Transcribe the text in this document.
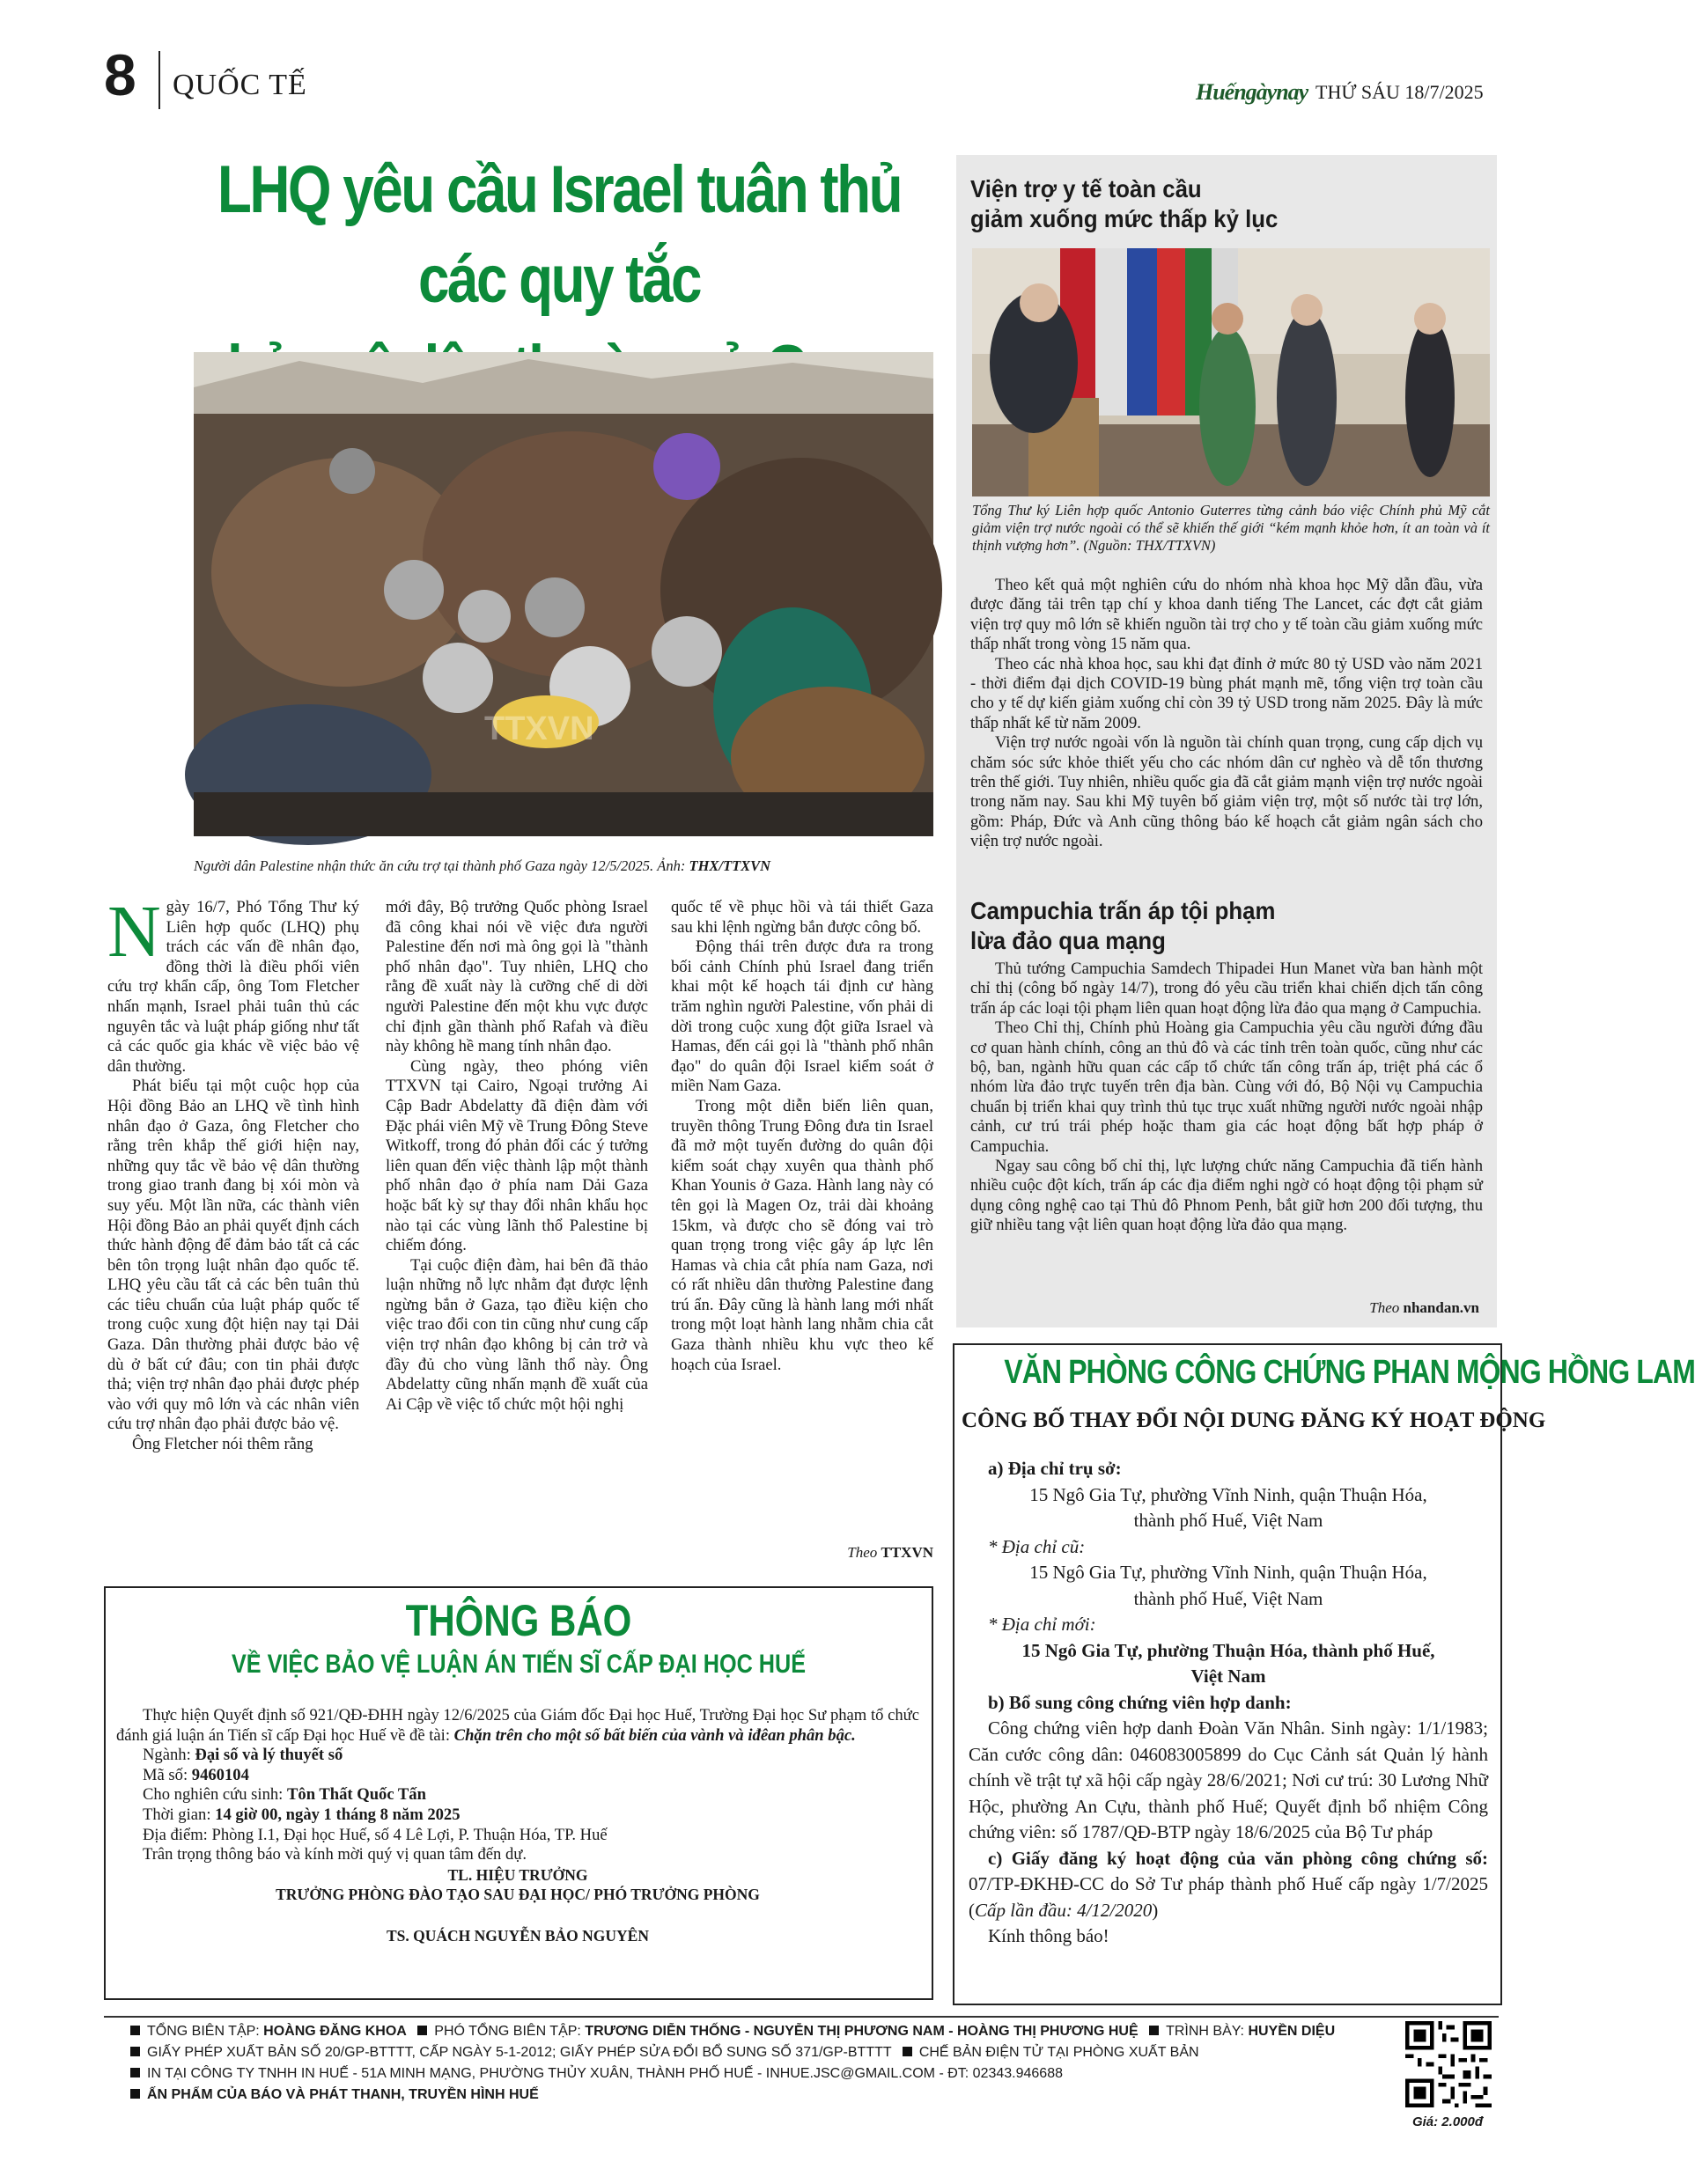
8 QUỐC TẾ	Huếngàynay THỨ SÁU 18/7/2025
LHQ yêu cầu Israel tuân thủ các quy tắc
TTXVN
Người dân Palestine nhận thức ăn cứu trợ tại thành phố Gaza ngày 12/5/2025. Ảnh: THX/TTXVN

Ngày 16/7, Phó Tổng Thư ký Liên hợp quốc (LHQ) phụ trách các vấn đề nhân đạo, đồng thời là điều phối viên cứu trợ khẩn cấp, ông Tom Fletcher nhấn mạnh, Israel phải tuân thủ các nguyên tắc và luật pháp giống như tất cả các quốc gia khác về việc bảo vệ dân thường.

Phát biểu tại một cuộc họp của Hội đồng Bảo an LHQ về tình hình nhân đạo ở Gaza, ông Fletcher cho rằng trên khắp thế giới hiện nay, những quy tắc về bảo vệ dân thường trong giao tranh đang bị xói mòn và suy yếu. Một lần nữa, các thành viên Hội đồng Bảo an phải quyết định cách thức hành động để đảm bảo tất cả các bên tôn trọng luật nhân đạo quốc tế. LHQ yêu cầu tất cả các bên tuân thủ các tiêu chuẩn của luật pháp quốc tế trong cuộc xung đột hiện nay tại Dải Gaza. Dân thường phải được bảo vệ dù ở bất cứ đâu; con tin phải được thả; viện trợ nhân đạo phải được phép vào với quy mô lớn và các nhân viên cứu trợ nhân đạo phải được bảo vệ.

Ông Fletcher nói thêm rằng

mới đây, Bộ trưởng Quốc phòng Israel đã công khai nói về việc đưa người Palestine đến nơi mà ông gọi là "thành phố nhân đạo". Tuy nhiên, LHQ cho rằng đề xuất này là cưỡng chế di dời người Palestine đến một khu vực được chỉ định gần thành phố Rafah và điều này không hề mang tính nhân đạo.

Cùng ngày, theo phóng viên TTXVN tại Cairo, Ngoại trưởng Ai Cập Badr Abdelatty đã điện đàm với Đặc phái viên Mỹ về Trung Đông Steve Witkoff, trong đó phản đối các ý tưởng liên quan đến việc thành lập một thành phố nhân đạo ở phía nam Dải Gaza hoặc bất kỳ sự thay đổi nhân khẩu học nào tại các vùng lãnh thổ Palestine bị chiếm đóng.

Tại cuộc điện đàm, hai bên đã thảo luận những nỗ lực nhằm đạt được lệnh ngừng bắn ở Gaza, tạo điều kiện cho việc trao đổi con tin cũng như cung cấp viện trợ nhân đạo không bị cản trở và đầy đủ cho vùng lãnh thổ này. Ông Abdelatty cũng nhấn mạnh đề xuất của Ai Cập về việc tổ chức một hội nghị

quốc tế về phục hồi và tái thiết Gaza sau khi lệnh ngừng bắn được công bố.

Động thái trên được đưa ra trong bối cảnh Chính phủ Israel đang triển khai một kế hoạch tái định cư hàng trăm nghìn người Palestine, vốn phải di dời trong cuộc xung đột giữa Israel và Hamas, đến cái gọi là "thành phố nhân đạo" do quân đội Israel kiểm soát ở miền Nam Gaza.

Trong một diễn biến liên quan, truyền thông Trung Đông đưa tin Israel đã mở một tuyến đường do quân đội kiểm soát chạy xuyên qua thành phố Khan Younis ở Gaza. Hành lang này có tên gọi là Magen Oz, trải dài khoảng 15km, và được cho sẽ đóng vai trò quan trọng trong việc gây áp lực lên Hamas và chia cắt phía nam Gaza, nơi có rất nhiều dân thường Palestine đang trú ẩn. Đây cũng là hành lang mới nhất trong một loạt hành lang nhằm chia cắt Gaza thành nhiều khu vực theo kế hoạch của Israel.

Theo TTXVN
Viện trợ y tế toàn cầu
giảm xuống mức thấp kỷ lục
Tổng Thư ký Liên hợp quốc Antonio Guterres từng cảnh báo việc Chính phủ Mỹ cắt giảm viện trợ nước ngoài có thể sẽ khiến thế giới “kém mạnh khỏe hơn, ít an toàn và ít thịnh vượng hơn”. (Nguồn: THX/TTXVN)

Theo kết quả một nghiên cứu do nhóm nhà khoa học Mỹ dẫn đầu, vừa được đăng tải trên tạp chí y khoa danh tiếng The Lancet, các đợt cắt giảm viện trợ quy mô lớn sẽ khiến nguồn tài trợ cho y tế toàn cầu giảm xuống mức thấp nhất trong vòng 15 năm qua.

Theo các nhà khoa học, sau khi đạt đỉnh ở mức 80 tỷ USD vào năm 2021 - thời điểm đại dịch COVID-19 bùng phát mạnh mẽ, tổng viện trợ toàn cầu cho y tế dự kiến giảm xuống chỉ còn 39 tỷ USD trong năm 2025. Đây là mức thấp nhất kể từ năm 2009.

Viện trợ nước ngoài vốn là nguồn tài chính quan trọng, cung cấp dịch vụ chăm sóc sức khỏe thiết yếu cho các nhóm dân cư nghèo và dễ tổn thương trên thế giới. Tuy nhiên, nhiều quốc gia đã cắt giảm mạnh viện trợ nước ngoài trong năm nay. Sau khi Mỹ tuyên bố giảm viện trợ, một số nước tài trợ lớn, gồm: Pháp, Đức và Anh cũng thông báo kế hoạch cắt giảm ngân sách cho viện trợ nước ngoài.

Campuchia trấn áp tội phạm
lừa đảo qua mạng

Thủ tướng Campuchia Samdech Thipadei Hun Manet vừa ban hành một chỉ thị (công bố ngày 14/7), trong đó yêu cầu triển khai chiến dịch tấn công trấn áp các loại tội phạm liên quan hoạt động lừa đảo qua mạng ở Campuchia.

Theo Chỉ thị, Chính phủ Hoàng gia Campuchia yêu cầu người đứng đầu cơ quan hành chính, công an thủ đô và các tỉnh trên toàn quốc, cũng như các bộ, ban, ngành hữu quan các cấp tổ chức tấn công trấn áp, triệt phá các ổ nhóm lừa đảo trực tuyến trên địa bàn. Cùng với đó, Bộ Nội vụ Campuchia chuẩn bị triển khai quy trình thủ tục trục xuất những người nước ngoài nhập cảnh, cư trú trái phép hoặc tham gia các hoạt động bất hợp pháp ở Campuchia.

Ngay sau công bố chỉ thị, lực lượng chức năng Campuchia đã tiến hành nhiều cuộc đột kích, trấn áp các địa điểm nghi ngờ có hoạt động tội phạm sử dụng công nghệ cao tại Thủ đô Phnom Penh, bắt giữ hơn 200 đối tượng, thu giữ nhiều tang vật liên quan hoạt động lừa đảo qua mạng.

Theo nhandan.vn
VĂN PHÒNG CÔNG CHỨNG PHAN MỘNG HỒNG LAM
CÔNG BỐ THAY ĐỔI NỘI DUNG ĐĂNG KÝ HOẠT ĐỘNG
a) Địa chỉ trụ sở:
15 Ngô Gia Tự, phường Vĩnh Ninh, quận Thuận Hóa,
thành phố Huế, Việt Nam
* Địa chỉ cũ:
15 Ngô Gia Tự, phường Vĩnh Ninh, quận Thuận Hóa,
thành phố Huế, Việt Nam
* Địa chỉ mới:
15 Ngô Gia Tự, phường Thuận Hóa, thành phố Huế,
Việt Nam
b) Bổ sung công chứng viên hợp danh:
Công chứng viên hợp danh Đoàn Văn Nhân. Sinh ngày: 1/1/1983; Căn cước công dân: 046083005899 do Cục Cảnh sát Quản lý hành chính về trật tự xã hội cấp ngày 28/6/2021; Nơi cư trú: 30 Lương Nhữ Hộc, phường An Cựu, thành phố Huế; Quyết định bổ nhiệm Công chứng viên: số 1787/QĐ-BTP ngày 18/6/2025 của Bộ Tư pháp
c) Giấy đăng ký hoạt động của văn phòng công chứng số: 07/TP-ĐKHĐ-CC do Sở Tư pháp thành phố Huế cấp ngày 1/7/2025 (Cấp lần đầu: 4/12/2020)
Kính thông báo!
THÔNG BÁO
VỀ VIỆC BẢO VỆ LUẬN ÁN TIẾN SĨ CẤP ĐẠI HỌC HUẾ

Thực hiện Quyết định số 921/QĐ-ĐHH ngày 12/6/2025 của Giám đốc Đại học Huế, Trường Đại học Sư phạm tổ chức đánh giá luận án Tiến sĩ cấp Đại học Huế về đề tài: Chặn trên cho một số bất biến của vành và iđêan phân bậc.

Ngành: Đại số và lý thuyết số
Mã số: 9460104
Cho nghiên cứu sinh: Tôn Thất Quốc Tấn
Thời gian: 14 giờ 00, ngày 1 tháng 8 năm 2025
Địa điểm: Phòng I.1, Đại học Huế, số 4 Lê Lợi, P. Thuận Hóa, TP. Huế
Trân trọng thông báo và kính mời quý vị quan tâm đến dự.
TL. HIỆU TRƯỞNG
TRƯỞNG PHÒNG ĐÀO TẠO SAU ĐẠI HỌC/ PHÓ TRƯỞNG PHÒNG
TS. QUÁCH NGUYỄN BẢO NGUYÊN
TỔNG BIÊN TẬP: HOÀNG ĐĂNG KHOA PHÓ TỔNG BIÊN TẬP: TRƯƠNG DIỄN THỐNG - NGUYỄN THỊ PHƯƠNG NAM - HOÀNG THỊ PHƯƠNG HUỆ TRÌNH BÀY: HUYỀN DIỆU
GIẤY PHÉP XUẤT BẢN SỐ 20/GP-BTTTT, CẤP NGÀY 5-1-2012; GIẤY PHÉP SỬA ĐỔI BỔ SUNG SỐ 371/GP-BTTTT CHẾ BẢN ĐIỆN TỬ TẠI PHÒNG XUẤT BẢN
IN TẠI CÔNG TY TNHH IN HUẾ - 51A MINH MẠNG, PHƯỜNG THỦY XUÂN, THÀNH PHỐ HUẾ - INHUE.JSC@GMAIL.COM - ĐT: 02343.946688
ẤN PHẨM CỦA BÁO VÀ PHÁT THANH, TRUYỀN HÌNH HUẾ
Giá: 2.000đ
